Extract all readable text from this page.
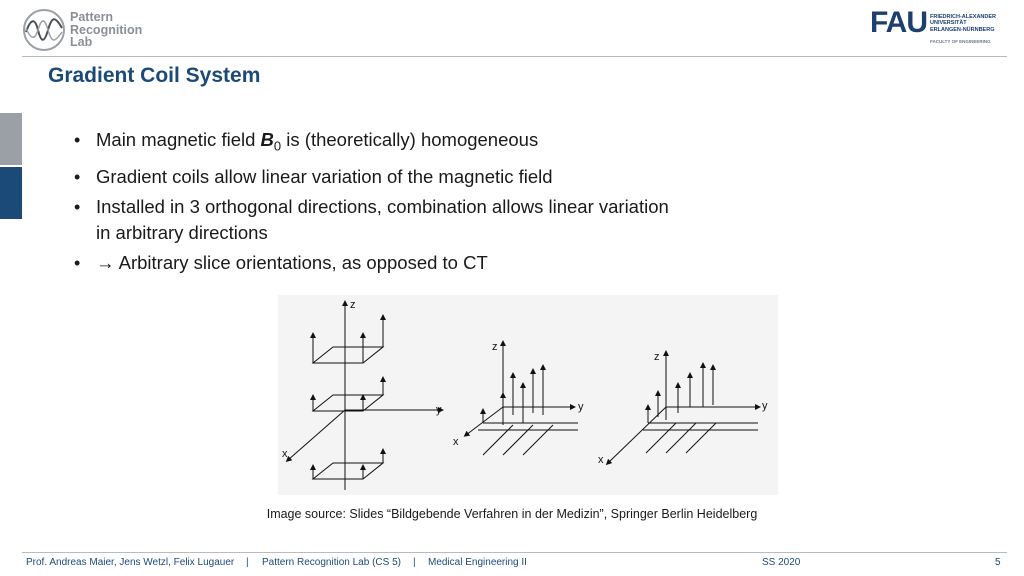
Pattern
Recognition
Lab
FAU FRIEDRICH-ALEXANDER
UNIVERSITÄT
ERLANGEN-NÜRNBERG
FACULTY OF ENGINEERING
Gradient Coil System
• Main magnetic field $B_0$ is (theoretically) homogeneous
• Gradient coils allow linear variation of the magnetic field
• Installed in 3 orthogonal directions, combination allows linear variation in arbitrary directions
• → Arbitrary slice orientations, as opposed to CT
z
y
x
z
y
x
z
y
x
Image source: Slides “Bildgebende Verfahren in der Medizin”, Springer Berlin Heidelberg
Prof. Andreas Maier, Jens Wetzl, Felix Lugauer | Pattern Recognition Lab (CS 5) | Medical Engineering II	SS 2020	5
